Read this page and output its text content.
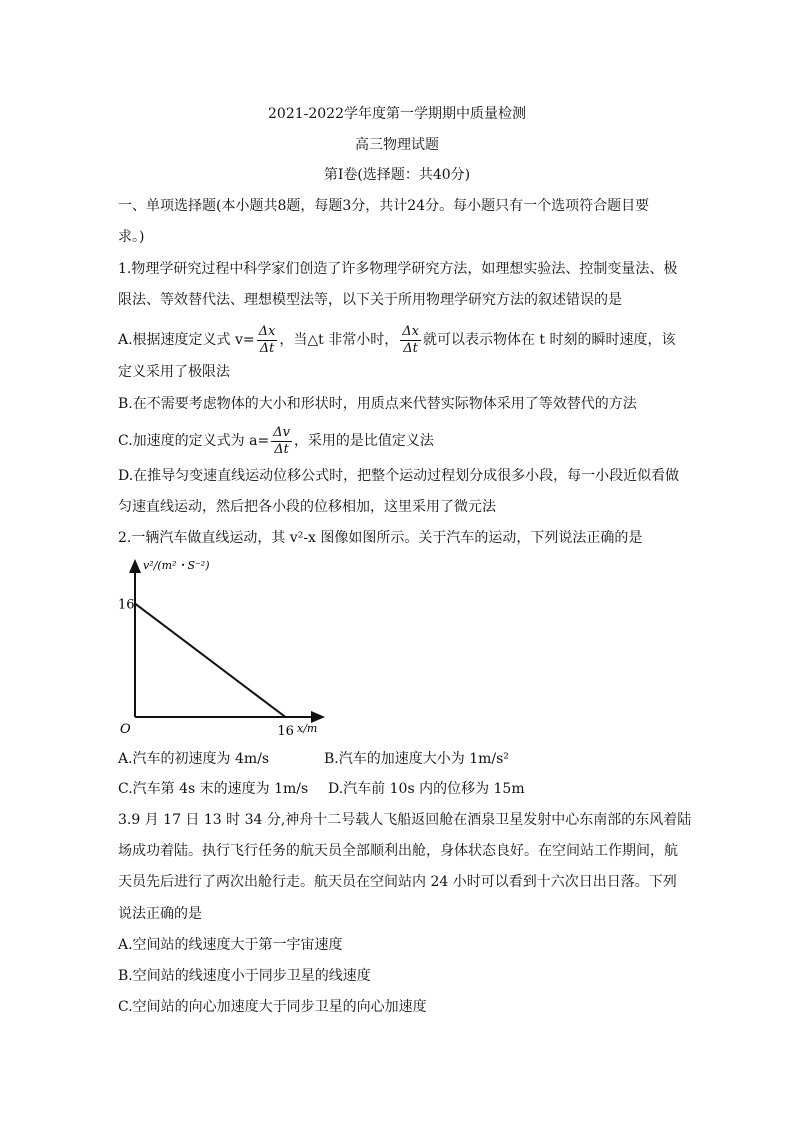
2021-2022学年度第一学期期中质量检测
高三物理试题
第Ⅰ卷(选择题：共40分)
一、单项选择题(本小题共8题，每题3分，共计24分。每小题只有一个选项符合题目要
求。)
1.物理学研究过程中科学家们创造了许多物理学研究方法，如理想实验法、控制变量法、极
限法、等效替代法、理想模型法等，以下关于所用物理学研究方法的叙述错误的是
A.根据速度定义式 $v= \frac{\Delta x}{\Delta t}$ ，当△t 非常小时， $\frac{\Delta x}{\Delta t}$ 就可以表示物体在 t 时刻的瞬时速度，该
定义采用了极限法
B.在不需要考虑物体的大小和形状时，用质点来代替实际物体采用了等效替代的方法
C.加速度的定义式为 $a= \frac{\Delta v}{\Delta t}$ ，采用的是比值定义法
D.在推导匀变速直线运动位移公式时，把整个运动过程划分成很多小段，每一小段近似看做
匀速直线运动，然后把各小段的位移相加，这里采用了微元法
2.一辆汽车做直线运动，其 v²-x 图像如图所示。关于汽车的运动，下列说法正确的是
v²/(m²・S⁻²)
x/m
O
16
16
A.汽车的初速度为 4m/s	B.汽车的加速度大小为 1m/s²
C.汽车第 4s 末的速度为 1m/s D.汽车前 10s 内的位移为 15m
3.9 月 17 日 13 时 34 分,神舟十二号载人飞船返回舱在酒泉卫星发射中心东南部的东风着陆
场成功着陆。执行飞行任务的航天员全部顺利出舱，身体状态良好。在空间站工作期间，航
天员先后进行了两次出舱行走。航天员在空间站内 24 小时可以看到十六次日出日落。下列
说法正确的是
A.空间站的线速度大于第一宇宙速度
B.空间站的线速度小于同步卫星的线速度
C.空间站的向心加速度大于同步卫星的向心加速度
